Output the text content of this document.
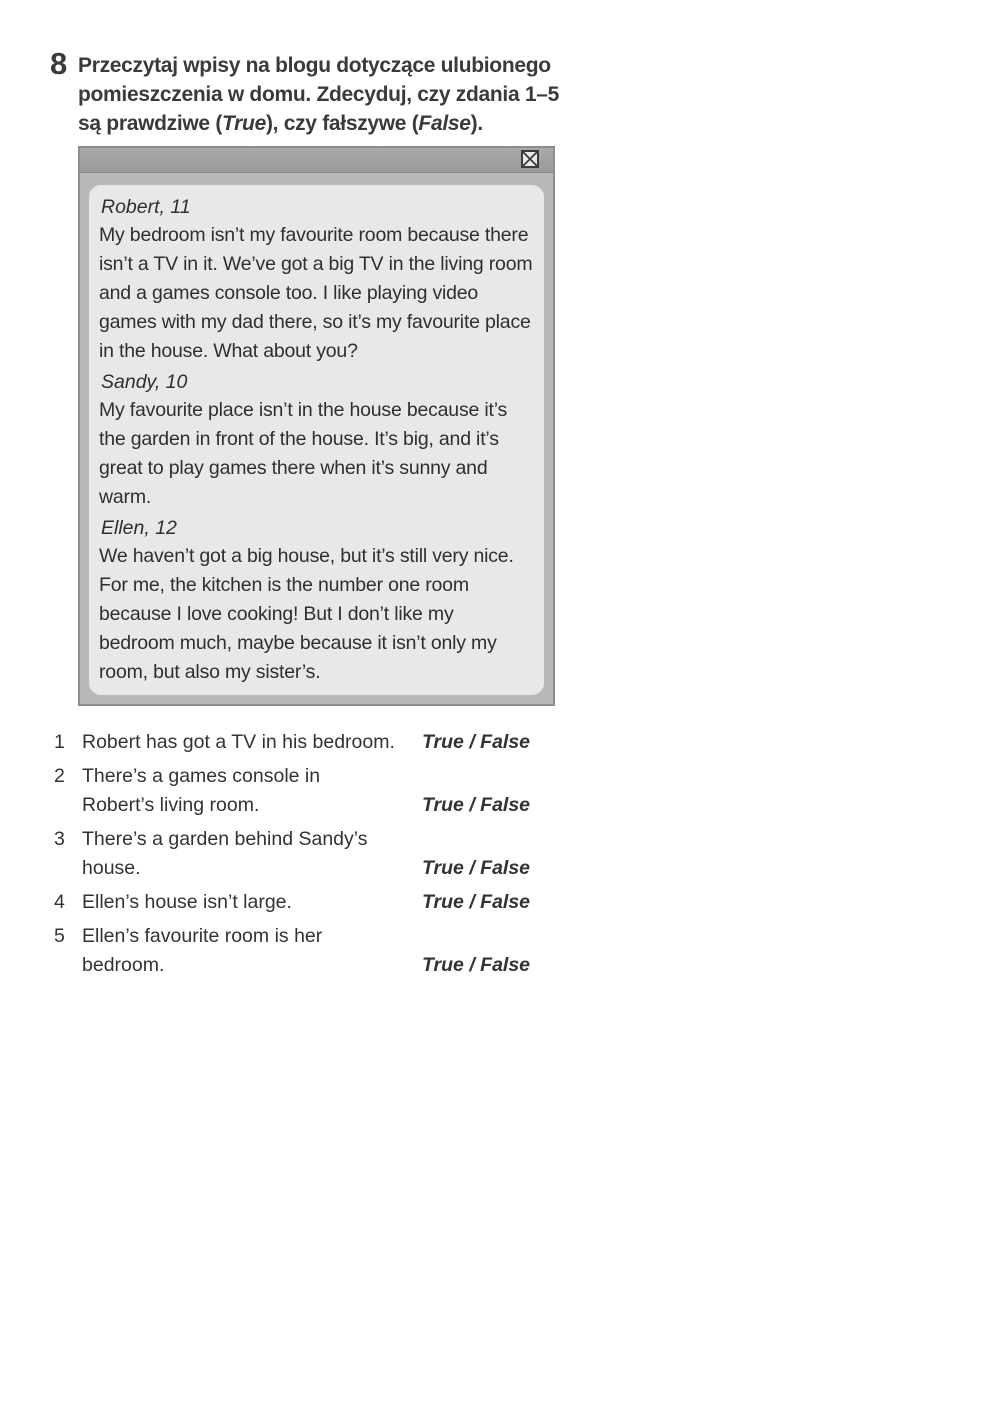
8 Przeczytaj wpisy na blogu dotyczące ulubionego pomieszczenia w domu. Zdecyduj, czy zdania 1–5 są prawdziwe (True), czy fałszywe (False).
Robert, 11
My bedroom isn’t my favourite room because there isn’t a TV in it. We’ve got a big TV in the living room and a games console too. I like playing video games with my dad there, so it’s my favourite place in the house. What about you?
Sandy, 10
My favourite place isn’t in the house because it’s the garden in front of the house. It’s big, and it’s great to play games there when it’s sunny and warm.
Ellen, 12
We haven’t got a big house, but it’s still very nice. For me, the kitchen is the number one room because I love cooking! But I don’t like my bedroom much, maybe because it isn’t only my room, but also my sister’s.
1 Robert has got a TV in his bedroom.	True / False
2 There’s a games console in Robert’s living room.	True / False
3 There’s a garden behind Sandy’s house.	True / False
4 Ellen’s house isn’t large.	True / False
5 Ellen’s favourite room is her bedroom.	True / False
